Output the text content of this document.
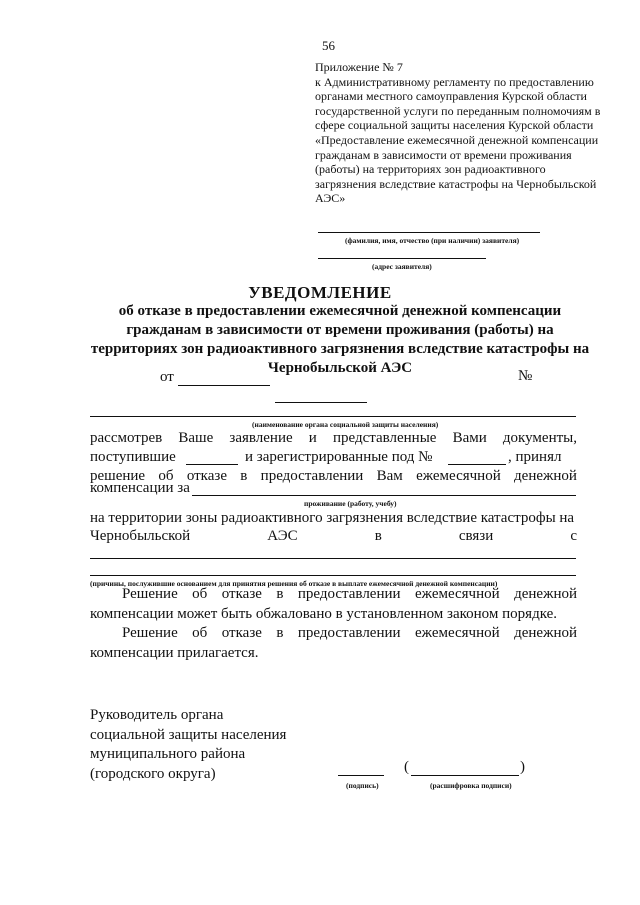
56
Приложение № 7
к Административному регламенту по предоставлению органами местного самоуправления Курской области государственной услуги по переданным полномочиям в сфере социальной защиты населения Курской области «Предоставление ежемесячной денежной компенсации гражданам в зависимости от времени проживания (работы) на территориях зон радиоактивного загрязнения вследствие катастрофы на Чернобыльской АЭС»
(фамилия, имя, отчество (при наличии) заявителя)
(адрес заявителя)
УВЕДОМЛЕНИЕ
об отказе в предоставлении ежемесячной денежной компенсации гражданам в зависимости от времени проживания (работы) на территориях зон радиоактивного загрязнения вследствие катастрофы на Чернобыльской АЭС
от	№
(наименование органа социальной защиты населения)
рассмотрев Ваше заявление и представленные Вами документы,
поступившие	и зарегистрированные под №	, принял
решение об отказе в предоставлении Вам ежемесячной денежной
компенсации за
проживание (работу, учебу)
на территории зоны радиоактивного загрязнения вследствие катастрофы на
Чернобыльской	АЭС	в	связи	с
(причины, послужившие основанием для принятия решения об отказе в выплате ежемесячной денежной компенсации)
Решение об отказе в предоставлении ежемесячной денежной компенсации может быть обжаловано в установленном законом порядке.
Решение об отказе в предоставлении ежемесячной денежной компенсации прилагается.
Руководитель органа
социальной защиты населения
муниципального района
(городского округа)
(подпись)
(	)
(расшифровка подписи)
